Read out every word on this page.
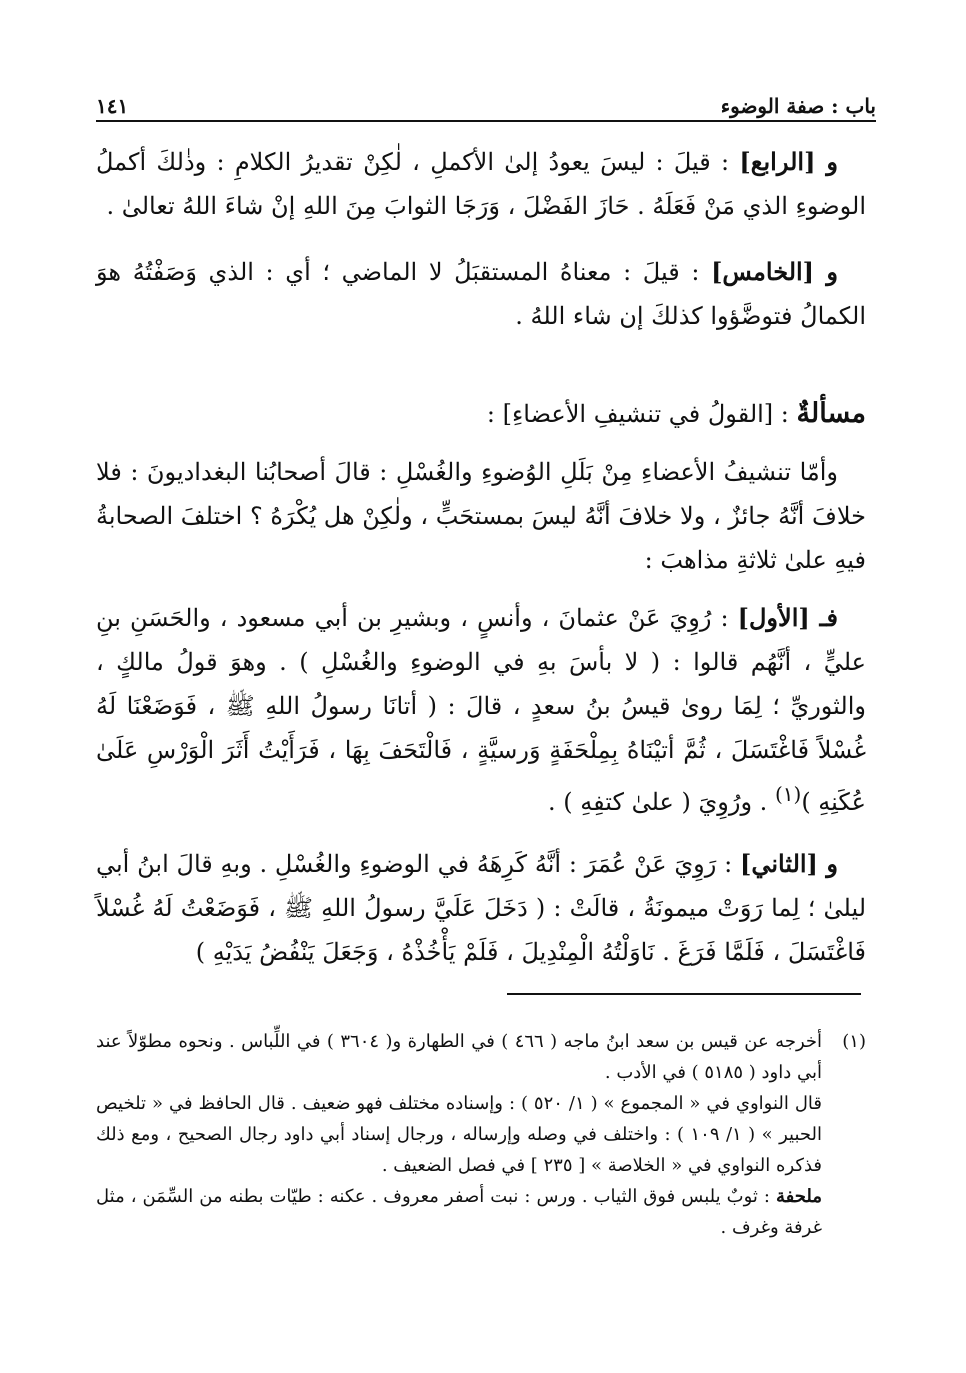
باب : صفة الوضوء
١٤١

و [الرابع] : قيلَ : ليسَ يعودُ إلىٰ الأكملِ ، لٰكِنْ تقديرُ الكلامِ : وذٰلكَ أكملُ الوضوءِ الذي مَنْ فَعَلَهُ . حَازَ الفَضْلَ ، وَرَجَا الثوابَ مِنَ اللهِ إنْ شاءَ اللهُ تعالىٰ .

و [الخامس] : قيلَ : معناهُ المستقبَلُ لا الماضي ؛ أي : الذي وَصَفْتُهُ هوَ الكمالُ فتوضَّؤوا كذلكَ إن شاء اللهُ .

مسألةٌ : [القولُ في تنشيفِ الأعضاءِ] :

وأمّا تنشيفُ الأعضاءِ مِنْ بَلَلِ الوُضوءِ والغُسْلِ : قالَ أصحابُنا البغداديونَ : فلا خلافَ أنَّهُ جائزٌ ، ولا خلافَ أنَّهُ ليسَ بمستحَبٍّ ، ولٰكِنْ هل يُكْرَهُ ؟ اختلفَ الصحابةُ فيهِ علىٰ ثلاثةِ مذاهبَ :

فـ [الأول] : رُوِيَ عَنْ عثمانَ ، وأنسٍ ، وبشيرِ بن أبي مسعود ، والحَسَنِ بنِ عليٍّ ، أنَّهُم قالوا : ( لا بأسَ بهِ في الوضوءِ والغُسْلِ ) . وهوَ قولُ مالكٍ ، والثوريِّ ؛ لِمَا روىٰ قيسُ بنُ سعدٍ ، قالَ : ( أتانَا رسولُ اللهِ ﷺ ، فَوَضَعْنَا لَهُ غُسْلاً فَاغْتَسَلَ ، ثُمَّ أتيْنَاهُ بِمِلْحَفَةٍ وَرسيَّةٍ ، فَالْتَحَفَ بِهَا ، فَرَأَيْتُ أَثَرَ الْوَرْسِ عَلَىٰ عُكَنِهِ )$^{(١)}$ . ورُوِيَ ( علىٰ كتفِهِ ) .

و [الثاني] : رَوِيَ عَنْ عُمَرَ : أنَّهُ كَرِهَهُ في الوضوءِ والغُسْلِ . وبهِ قالَ ابنُ أبي ليلىٰ ؛ لِما رَوَتْ ميمونَةُ ، قالَتْ : ( دَخَلَ عَلَيَّ رسولُ اللهِ ﷺ ، فَوَضَعْتُ لَهُ غُسْلاً فَاغْتَسَلَ ، فَلَمَّا فَرَغَ . نَاوَلْتُهُ الْمِنْدِيلَ ، فَلَمْ يَأْخُذْهُ ، وَجَعَلَ يَنْفُضُ يَدَيْهِ )

(١)

أخرجه عن قيس بن سعد ابنُ ماجه ( ٤٦٦ ) في الطهارة و( ٣٦٠٤ ) في اللِّباس . ونحوه مطوّلاً عند أبي داود ( ٥١٨٥ ) في الأدب .

قال النواوي في « المجموع » ( ١/ ٥٢٠ ) : وإسناده مختلف فهو ضعيف . قال الحافظ في « تلخيص الحبير » ( ١/ ١٠٩ ) : واختلف في وصله وإرساله ، ورجال إسناد أبي داود رجال الصحيح ، ومع ذلك فذكره النواوي في « الخلاصة » [ ٢٣٥ ] في فصل الضعيف .

ملحفة : ثوبٌ يلبس فوق الثياب . ورس : نبت أصفر معروف . عكنه : طيّات بطنه من السِّمَن ، مثل غرفة وغرف .
